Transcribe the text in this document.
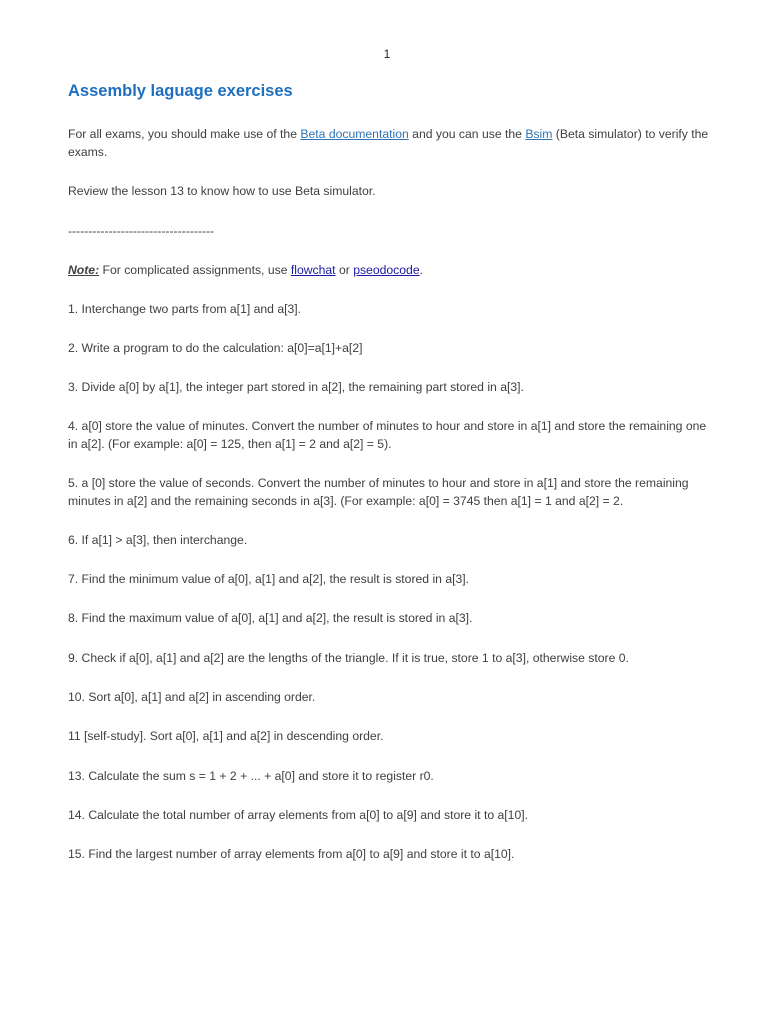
1
Assembly laguage exercises

For all exams, you should make use of the Beta documentation and you can use the Bsim (Beta simulator) to verify the exams.

Review the lesson 13 to know how to use Beta simulator.

------------------------------------

Note: For complicated assignments, use flowchat or pseodocode.

1. Interchange two parts from a[1] and a[3].

2. Write a program to do the calculation: a[0]=a[1]+a[2]

3. Divide a[0] by a[1], the integer part stored in a[2], the remaining part stored in a[3].

4. a[0] store the value of minutes. Convert the number of minutes to hour and store in a[1] and store the remaining one in a[2]. (For example: a[0] = 125, then a[1] = 2 and a[2] = 5).

5. a [0] store the value of seconds. Convert the number of minutes to hour and store in a[1] and store the remaining minutes in a[2] and the remaining seconds in a[3]. (For example: a[0] = 3745 then a[1] = 1 and a[2] = 2.

6. If a[1] > a[3], then interchange.

7. Find the minimum value of a[0], a[1] and a[2], the result is stored in a[3].

8. Find the maximum value of a[0], a[1] and a[2], the result is stored in a[3].

9. Check if a[0], a[1] and a[2] are the lengths of the triangle. If it is true, store 1 to a[3], otherwise store 0.

10. Sort a[0], a[1] and a[2] in ascending order.

11 [self-study]. Sort a[0], a[1] and a[2] in descending order.

13. Calculate the sum s = 1 + 2 + ... + a[0] and store it to register r0.

14. Calculate the total number of array elements from a[0] to a[9] and store it to a[10].

15. Find the largest number of array elements from a[0] to a[9] and store it to a[10].
